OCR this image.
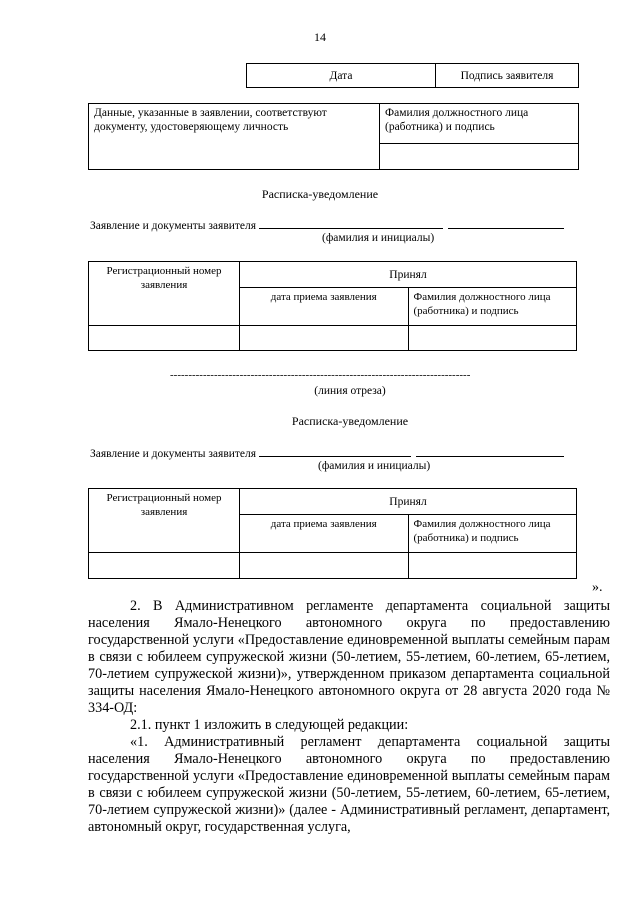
14
Дата	Подпись заявителя
Данные, указанные в заявлении, соответствуют документу, удостоверяющему личность	Фамилия должностного лица (работника) и подпись

Расписка-уведомление
Заявление и документы заявителя
(фамилия и инициалы)
Регистрационный номер заявления	Принял	
	дата приема заявления	Фамилия должностного лица (работника) и подпись

----------------------------------------------------------------------------------
(линия отреза)
Расписка-уведомление
Заявление и документы заявителя
(фамилия и инициалы)
Регистрационный номер заявления	Принял	
	дата приема заявления	Фамилия должностного лица (работника) и подпись

».

2. В Административном регламенте департамента социальной защиты населения Ямало-Ненецкого автономного округа по предоставлению государственной услуги «Предоставление единовременной выплаты семейным парам в связи с юбилеем супружеской жизни (50-летием, 55-летием, 60-летием, 65-летием, 70-летием супружеской жизни)», утвержденном приказом департамента социальной защиты населения Ямало-Ненецкого автономного округа от 28 августа 2020 года № 334-ОД:

2.1. пункт 1 изложить в следующей редакции:

«1. Административный регламент департамента социальной защиты населения Ямало-Ненецкого автономного округа по предоставлению государственной услуги «Предоставление единовременной выплаты семейным парам в связи с юбилеем супружеской жизни (50-летием, 55-летием, 60-летием, 65-летием, 70-летием супружеской жизни)» (далее - Административный регламент, департамент, автономный округ, государственная услуга,
